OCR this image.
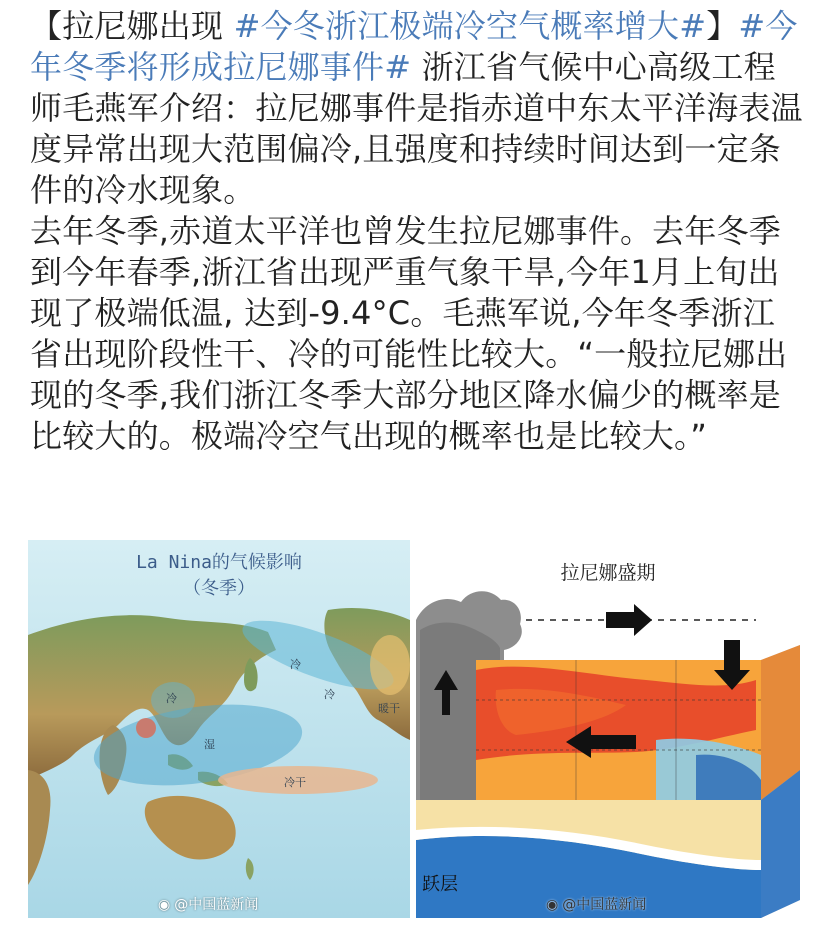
【拉尼娜出现 #今冬浙江极端冷空气概率增大#】#今年冬季将形成拉尼娜事件# 浙江省气候中心高级工程师毛燕军介绍：拉尼娜事件是指赤道中东太平洋海表温度异常出现大范围偏冷,且强度和持续时间达到一定条件的冷水现象。

去年冬季,赤道太平洋也曾发生拉尼娜事件。去年冬季到今年春季,浙江省出现严重气象干旱,今年1月上旬出现了极端低温, 达到-9.4°C。毛燕军说,今年冬季浙江省出现阶段性干、冷的可能性比较大。“一般拉尼娜出现的冬季,我们浙江冬季大部分地区降水偏少的概率是比较大的。极端冷空气出现的概率也是比较大。”

La Nina的气候影响
（冬季）
冷
冷
冷
湿
暖干
冷干
◉ @中国蓝新闻
拉尼娜盛期
跃层
◉ @中国蓝新闻
